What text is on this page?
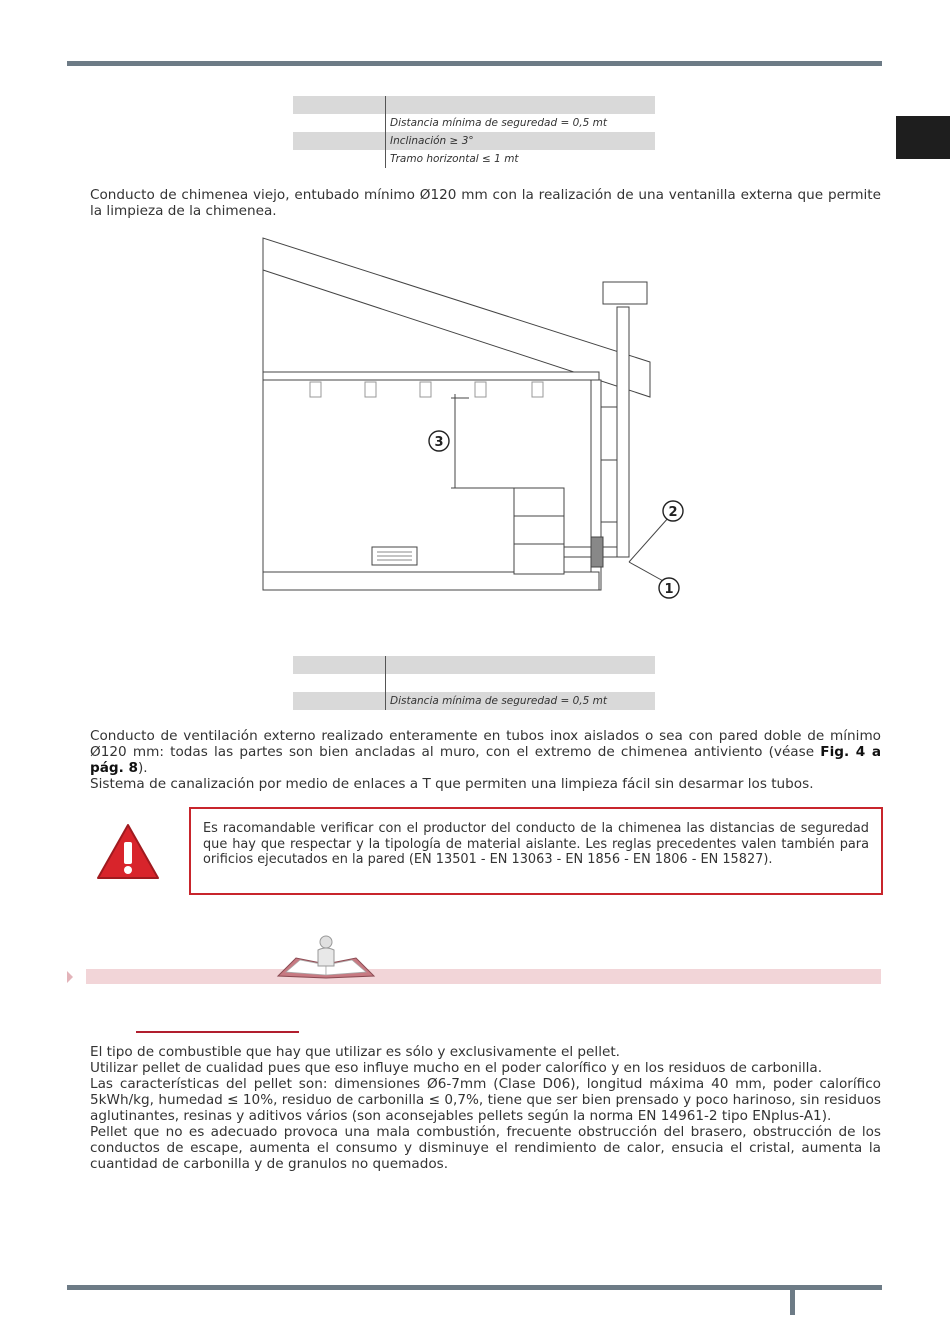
	Distancia mínima de seguredad = 0,5 mt
	Inclinación ≥ 3°
	Tramo horizontal ≤ 1 mt

Conducto de chimenea viejo, entubado mínimo Ø120 mm con la realización de una ventanilla externa que permite la limpieza de la chimenea.

3
2
1

	Distancia mínima de seguredad = 0,5 mt

Conducto de ventilación externo realizado enteramente en tubos inox aislados o sea con pared doble de mínimo Ø120 mm: todas las partes son bien ancladas al muro, con el extremo de chimenea antiviento (véase Fig. 4 a pág. 8).
Sistema de canalización por medio de enlaces a T que permiten una limpieza fácil sin desarmar los tubos.

Es racomandable verificar con el productor del conducto de la chimenea las distancias de seguredad que hay que respectar y la tipología de material aislante. Les reglas precedentes valen también para orificios ejecutados en la pared (EN 13501 - EN 13063 - EN 1856 - EN 1806 - EN 15827).

El tipo de combustible que hay que utilizar es sólo y exclusivamente el pellet.
Utilizar pellet de cualidad pues que eso influye mucho en el poder calorífico y en los residuos de carbonilla.
Las características del pellet son: dimensiones Ø6-7mm (Clase D06), longitud máxima 40 mm, poder calorífico 5kWh/kg, humedad ≤ 10%, residuo de carbonilla ≤ 0,7%, tiene que ser bien prensado y poco harinoso, sin residuos aglutinantes, resinas y aditivos vários (son aconsejables pellets según la norma EN 14961-2 tipo ENplus-A1).
Pellet que no es adecuado provoca una mala combustión, frecuente obstrucción del brasero, obstrucción de los conductos de escape, aumenta el consumo y disminuye el rendimiento de calor, ensucia el cristal, aumenta la cuantidad de carbonilla y de granulos no quemados.
